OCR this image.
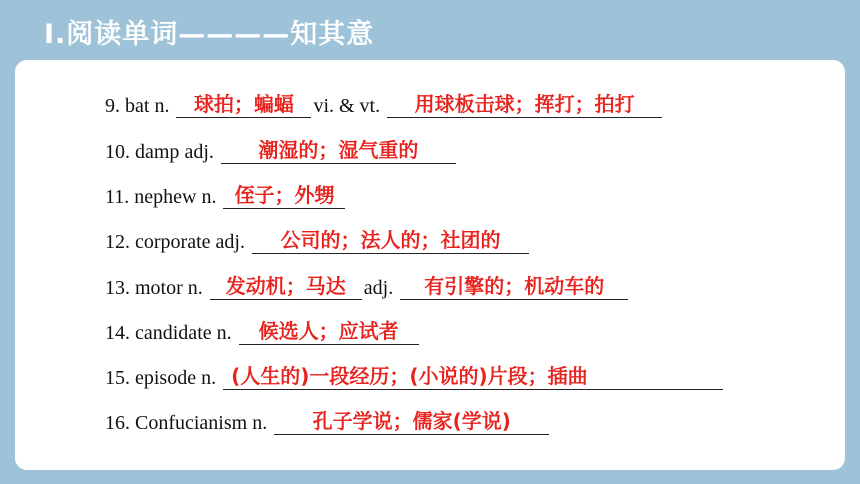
Ⅰ.阅读单词————知其意
9.
bat
n.
	球拍；蝙蝠 vi. & vt.
	用球板击球；挥打；拍打
10.
damp
adj.
	潮湿的；湿气重的
11.
nephew
n.
侄子；外甥
12.
corporate
adj.
	公司的；法人的；社团的
13.
motor
n.
	发动机；马达 adj.
	有引擎的；机动车的
14.
candidate
n.
	候选人；应试者
15.
episode
n.
(人生的)一段经历；(小说的)片段；插曲
16.
Confucianism
n.
	孔子学说；儒家(学说)
